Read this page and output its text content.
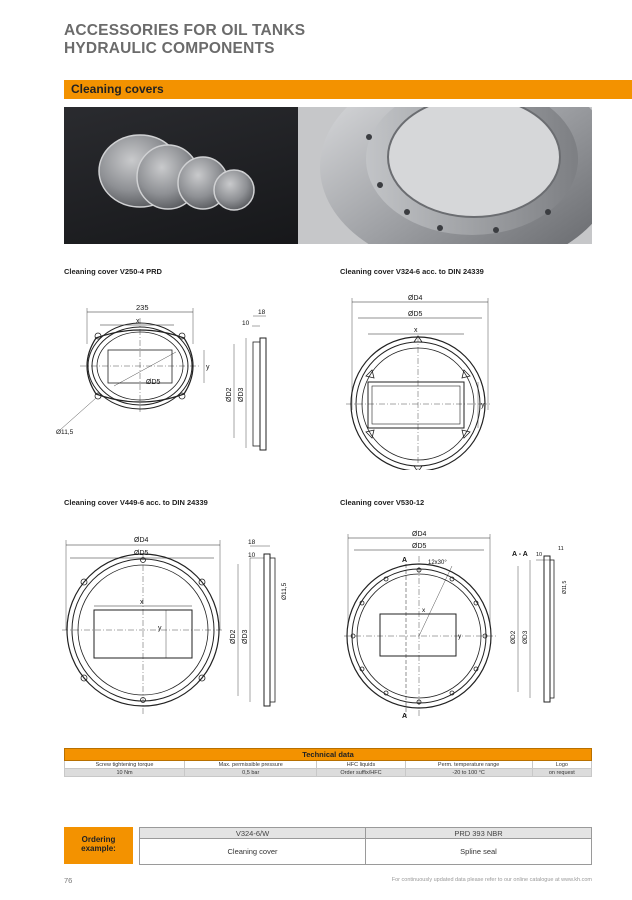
ACCESSORIES FOR OIL TANKS
HYDRAULIC COMPONENTS
Cleaning covers
Cleaning cover V250-4 PRD	Cleaning cover V324-6 acc. to DIN 24339
Cleaning cover V449-6 acc. to DIN 24339	Cleaning cover V530-12
235
x
y
ØD5
Ø11,5
18
10
ØD2 ØD3
ØD4
ØD5
x
y
ØD4
ØD5
x
y
18
10
Ø11,5
ØD2 ØD3
ØD4
ØD5
A
A
12x30°
x
y
A - A 10
11
Ø11,5
ØD2 ØD3
Technical data				
Screw tightening torque	Max. permissible pressure	HFC liquids	Perm. temperature range	Logo
10 Nm	0,5 bar	Order suffix/HFC	-20 to 100 °C	on request
Ordering
example:
V324-6/W	PRD 393 NBR
Cleaning cover	Spline seal
76	For continuously updated data please refer to our online catalogue at www.kh.com
